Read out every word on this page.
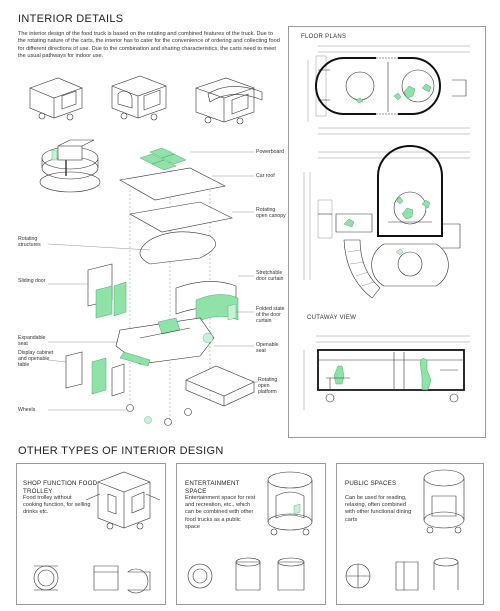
INTERIOR DETAILS
The interior design of the food truck is based on the rotating and combined features of the truck. Due to the rotating nature of the carts, the interior has to cater for the convenience of ordering and collecting food for different directions of use. Due to the combination and sharing characteristics, the carts need to meet the usual pathways for indoor use.
Powerboard
Car roof
Rotating open canopy
Rotating structures
Sliding door
Stretchable door curtain
Folded state of the door curtain
Expandable seat
Display cabinet and openable table
Openable seat
Rotating open platform
Wheels
FLOOR PLANS
CUTAWAY VIEW
OTHER TYPES OF INTERIOR DESIGN
SHOP FUNCTION FOOD TROLLEY
Food trolley without cooking function, for selling drinks etc.
ENTERTAINMENT SPACE
Entertainment space for rest and recreation, etc., which can be combined with other food trucks as a public space
PUBLIC SPACES
Can be used for reading, relaxing, often combined with other functional dining carts
